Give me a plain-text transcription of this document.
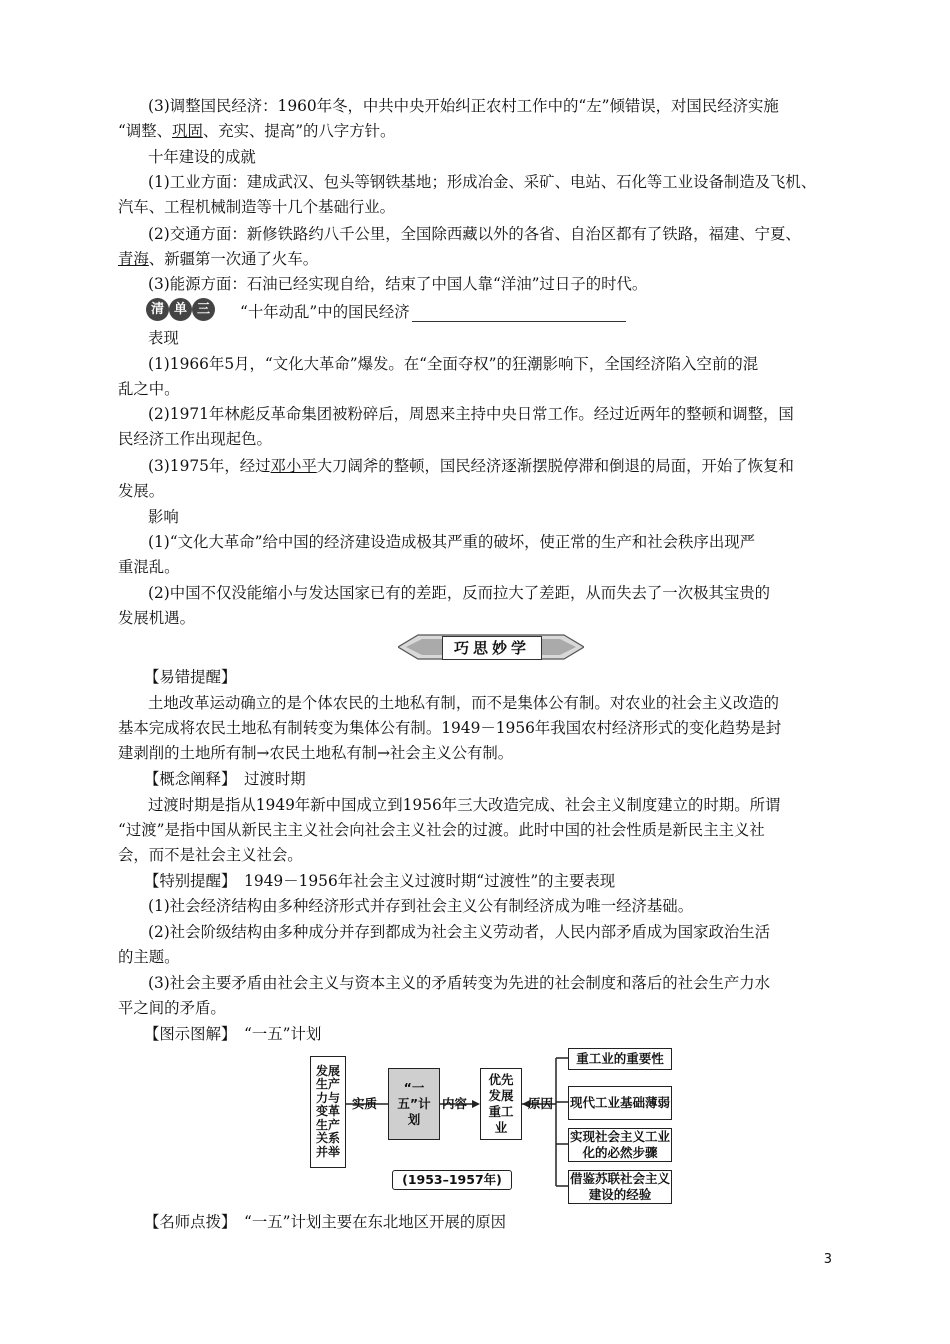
(3)调整国民经济：1960年冬，中共中央开始纠正农村工作中的“左”倾错误，对国民经济实施
“调整、巩固、充实、提高”的八字方针。
十年建设的成就
(1)工业方面：建成武汉、包头等钢铁基地；形成冶金、采矿、电站、石化等工业设备制造及飞机、
汽车、工程机械制造等十几个基础行业。
(2)交通方面：新修铁路约八千公里，全国除西藏以外的各省、自治区都有了铁路，福建、宁夏、
青海、新疆第一次通了火车。
(3)能源方面：石油已经实现自给，结束了中国人靠“洋油”过日子的时代。
清 单 三	“十年动乱”中的国民经济
表现
(1)1966年5月，“文化大革命”爆发。在“全面夺权”的狂潮影响下，全国经济陷入空前的混
乱之中。
(2)1971年林彪反革命集团被粉碎后，周恩来主持中央日常工作。经过近两年的整顿和调整，国
民经济工作出现起色。
(3)1975年，经过邓小平大刀阔斧的整顿，国民经济逐渐摆脱停滞和倒退的局面，开始了恢复和
发展。
影响
(1)“文化大革命”给中国的经济建设造成极其严重的破坏，使正常的生产和社会秩序出现严
重混乱。
(2)中国不仅没能缩小与发达国家已有的差距，反而拉大了差距，从而失去了一次极其宝贵的
发展机遇。
巧思妙学
【易错提醒】
土地改革运动确立的是个体农民的土地私有制，而不是集体公有制。对农业的社会主义改造的
基本完成将农民土地私有制转变为集体公有制。1949－1956年我国农村经济形式的变化趋势是封
建剥削的土地所有制→农民土地私有制→社会主义公有制。
【概念阐释】　过渡时期
过渡时期是指从1949年新中国成立到1956年三大改造完成、社会主义制度建立的时期。所谓
“过渡”是指中国从新民主主义社会向社会主义社会的过渡。此时中国的社会性质是新民主主义社
会，而不是社会主义社会。
【特别提醒】　1949－1956年社会主义过渡时期“过渡性”的主要表现
(1)社会经济结构由多种经济形式并存到社会主义公有制经济成为唯一经济基础。
(2)社会阶级结构由多种成分并存到都成为社会主义劳动者，人民内部矛盾成为国家政治生活
的主题。
(3)社会主要矛盾由社会主义与资本主义的矛盾转变为先进的社会制度和落后的社会生产力水
平之间的矛盾。
【图示图解】　“一五”计划
发展生产力与变革生产关系并举
实质
“一五”计划
内容
优先发展重工业
原因
重工业的重要性
现代工业基础薄弱
实现社会主义工业化的必然步骤
借鉴苏联社会主义建设的经验
(1953–1957年)
【名师点拨】　“一五”计划主要在东北地区开展的原因
3
